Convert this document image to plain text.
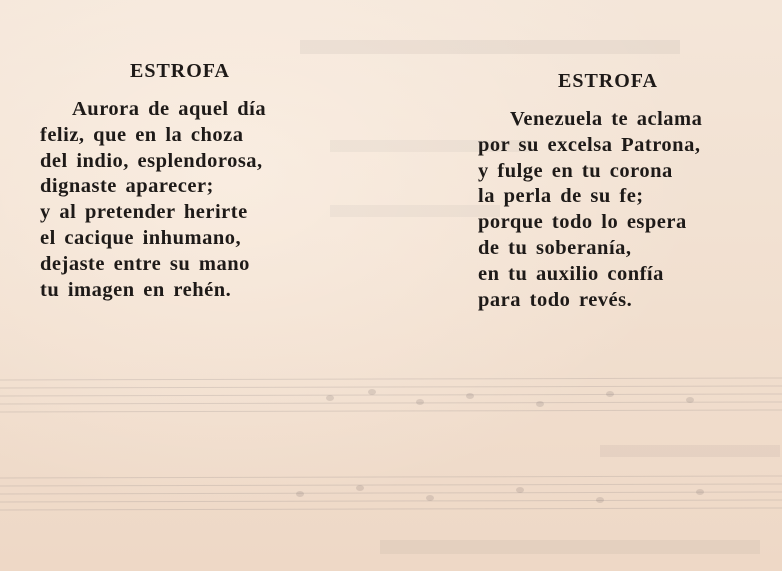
ESTROFA
Aurora de aquel día
feliz, que en la choza
del indio, esplendorosa,
dignaste aparecer;
y al pretender herirte
el cacique inhumano,
dejaste entre su mano
tu imagen en rehén.
ESTROFA
Venezuela te aclama
por su excelsa Patrona,
y fulge en tu corona
la perla de su fe;
porque todo lo espera
de tu soberanía,
en tu auxilio confía
para todo revés.
